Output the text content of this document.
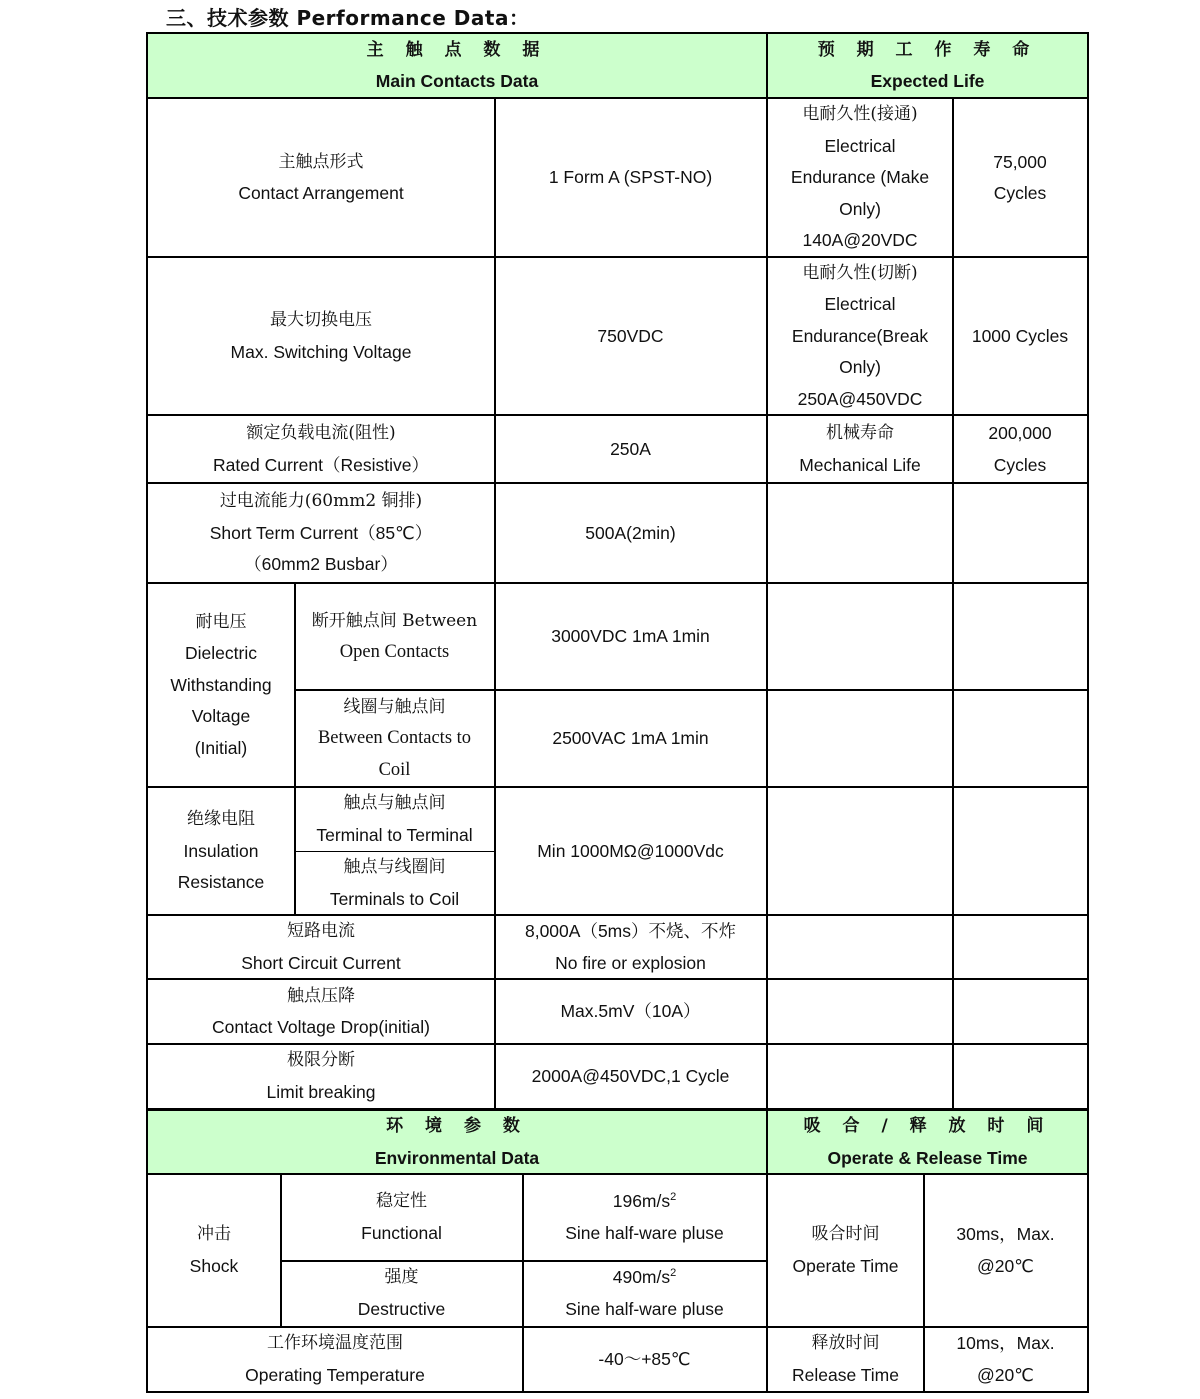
三、技术参数 Performance Data：
主 触 点 数 据
Main Contacts Data
预 期 工 作 寿 命
Expected Life
主触点形式
Contact Arrangement
1 Form A (SPST-NO)
电耐久性(接通)
Electrical
Endurance (Make
Only)
140A@20VDC
75,000
Cycles
最大切换电压
Max. Switching Voltage
750VDC
电耐久性(切断)
Electrical
Endurance(Break
Only)
250A@450VDC
1000 Cycles
额定负载电流(阻性)
Rated Current（Resistive）
250A
机械寿命
Mechanical Life
200,000
Cycles
过电流能力(60mm2 铜排)
Short Term Current（85℃）
（60mm2 Busbar）
500A(2min)
耐电压
Dielectric
Withstanding
Voltage
(Initial)
断开触点间 Between
Open Contacts
3000VDC 1mA 1min
线圈与触点间
Between Contacts to
Coil
2500VAC 1mA 1min
绝缘电阻
Insulation
Resistance
触点与触点间
Terminal to Terminal
触点与线圈间
Terminals to Coil
Min 1000MΩ@1000Vdc
短路电流
Short Circuit Current
8,000A（5ms）不烧、不炸
No fire or explosion
触点压降
Contact Voltage Drop(initial)
Max.5mV（10A）
极限分断
Limit breaking
2000A@450VDC,1 Cycle
环 境 参 数
Environmental Data
吸 合 / 释 放 时 间
Operate & Release Time
冲击
Shock
稳定性
Functional
$196m/s^2$
Sine half-ware pluse
强度
Destructive
$490m/s^2$
Sine half-ware pluse
工作环境温度范围
Operating Temperature
-40～+85℃
吸合时间
Operate Time
30ms，Max.
@20℃
释放时间
Release Time
10ms，Max.
@20℃
